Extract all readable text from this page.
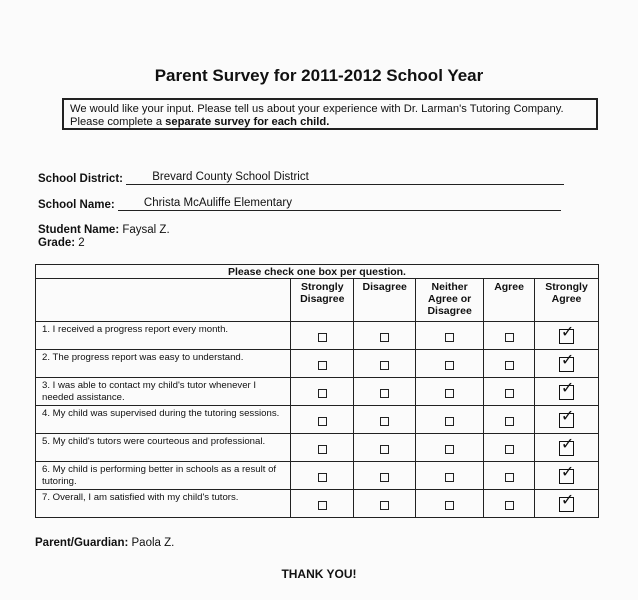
Parent Survey for 2011-2012 School Year
We would like your input. Please tell us about your experience with Dr. Larman's Tutoring Company.
Please complete a separate survey for each child.
School District:	Brevard County School District
School Name:	Christa McAuliffe Elementary
Student Name: Faysal Z.
Grade: 2
Please check one box per question.					
	Strongly Disagree	Disagree	Neither Agree or Disagree	Agree	Strongly Agree
1. I received a progress report every month.					✓

2. The progress report was easy to understand.					✓

3. I was able to contact my child's tutor whenever I needed assistance.					✓

4. My child was supervised during the tutoring sessions.					✓

5. My child's tutors were courteous and professional.					✓

6. My child is performing better in schools as a result of tutoring.					✓

7. Overall, I am satisfied with my child's tutors.					✓
Parent/Guardian: Paola Z.
THANK YOU!
